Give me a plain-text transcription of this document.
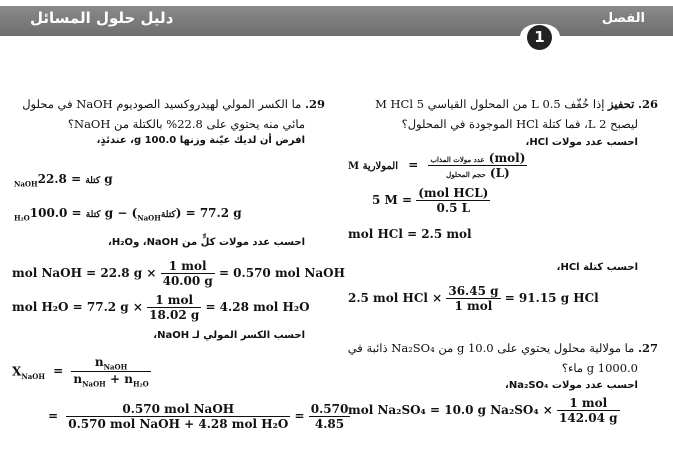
دليل حلول المسائل	الفصل
1
26. تحفيز إذا خُفّف 0.5 L من المحلول القياسي 5 M HCl
ليصبح 2 L، فما كتلة HCl الموجودة في المحلول؟
احسب عدد مولات HCl،
M المولارية = $\frac{\text{عدد مولات المذاب (mol)}}{\text{حجم المحلول (L)}}$
5 $M = \frac{\text{(mol HCL)}}{0.5 L}$
mol HCl = 2.5 mol
احسب كتلة HCl،
2.5 mol HCl × $\frac{36.45 g}{\text{1 mol}} = 91.15$ g HCl
27. ما مولالية محلول يحتوي على 10.0 g من Na₂SO₄ ذائبة في
1000.0 g ماء؟
احسب عدد مولات Na₂SO₄،
mol Na₂SO₄ = 10.0 g $Na_2SO_4 \times \frac{\text{1 mol}}{142.04 g}$
29. ما الكسر المولي لهيدروكسيد الصوديوم NaOH في محلول
مائي منه يحتوي على 22.8% بالكتلة من NaOH؟
افرض أن لديك عيّنة وزنها 100.0 g، عندئذٍ،
$_{NaOH}$	كتلة = 22.8 g
$_{H_2O}$	كتلة = 100.0 $g - (_{NaOH}كتلة) = 77.2$ g
احسب عدد مولات كلٍّ من NaOH، وH₂O،
mol NaOH = 22.8 $g \times \frac{\text{1 mol}}{40.00 g} = 0.570$ mol NaOH
mol H₂O = 77.2 $g \times \frac{\text{1 mol}}{18.02 g} = 4.28$ mol H₂O
احسب الكسر المولي لـ NaOH،
$X_{NaOH} = \frac{n_{NaOH}}{n_{NaOH} + n_{H_2O}}$
= $\frac{\text{0.570 mol NaOH}}{\text{0.570 mol NaOH + 4.28 mol H₂O}} = \frac{0.570}{4.85}$
